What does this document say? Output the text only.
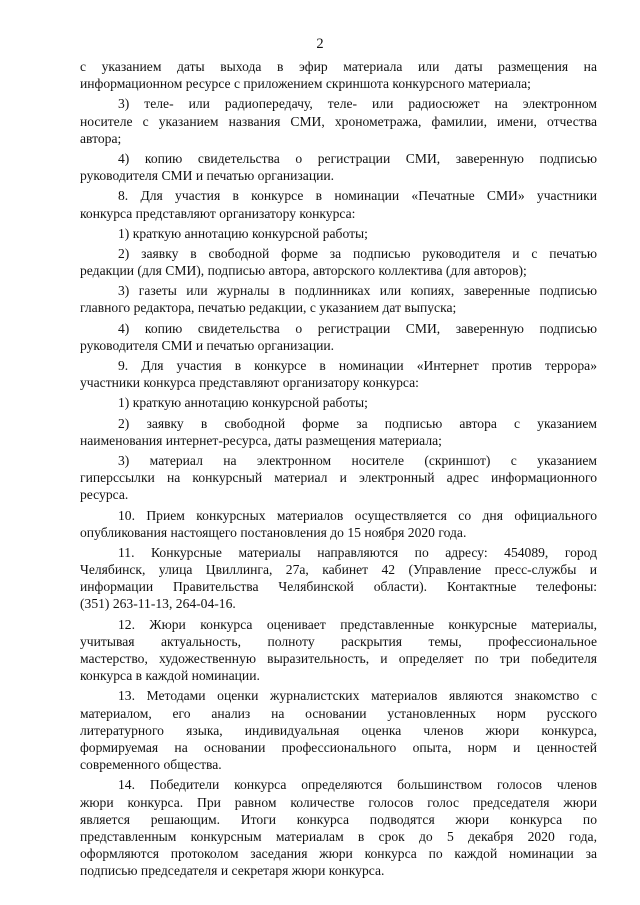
2
с указанием даты выхода в эфир материала или даты размещения на
информационном ресурсе с приложением скриншота конкурсного материала;
3) теле- или радиопередачу, теле- или радиосюжет на электронном
носителе с указанием названия СМИ, хронометража, фамилии, имени, отчества
автора;
4) копию свидетельства о регистрации СМИ, заверенную подписью
руководителя СМИ и печатью организации.
8. Для участия в конкурсе в номинации «Печатные СМИ» участники
конкурса представляют организатору конкурса:
1) краткую аннотацию конкурсной работы;
2) заявку в свободной форме за подписью руководителя и с печатью
редакции (для СМИ), подписью автора, авторского коллектива (для авторов);
3) газеты или журналы в подлинниках или копиях, заверенные подписью
главного редактора, печатью редакции, с указанием дат выпуска;
4) копию свидетельства о регистрации СМИ, заверенную подписью
руководителя СМИ и печатью организации.
9. Для участия в конкурсе в номинации «Интернет против террора»
участники конкурса представляют организатору конкурса:
1) краткую аннотацию конкурсной работы;
2) заявку в свободной форме за подписью автора с указанием
наименования интернет-ресурса, даты размещения материала;
3) материал на электронном носителе (скриншот) с указанием
гиперссылки на конкурсный материал и электронный адрес информационного
ресурса.
10. Прием конкурсных материалов осуществляется со дня официального
опубликования настоящего постановления до 15 ноября 2020 года.
11. Конкурсные материалы направляются по адресу: 454089, город
Челябинск, улица Цвиллинга, 27а, кабинет 42 (Управление пресс-службы и
информации Правительства Челябинской области). Контактные телефоны:
(351) 263-11-13, 264-04-16.
12. Жюри конкурса оценивает представленные конкурсные материалы,
учитывая актуальность, полноту раскрытия темы, профессиональное
мастерство, художественную выразительность, и определяет по три победителя
конкурса в каждой номинации.
13. Методами оценки журналистских материалов являются знакомство с
материалом, его анализ на основании установленных норм русского
литературного языка, индивидуальная оценка членов жюри конкурса,
формируемая на основании профессионального опыта, норм и ценностей
современного общества.
14. Победители конкурса определяются большинством голосов членов
жюри конкурса. При равном количестве голосов голос председателя жюри
является решающим. Итоги конкурса подводятся жюри конкурса по
представленным конкурсным материалам в срок до 5 декабря 2020 года,
оформляются протоколом заседания жюри конкурса по каждой номинации за
подписью председателя и секретаря жюри конкурса.
